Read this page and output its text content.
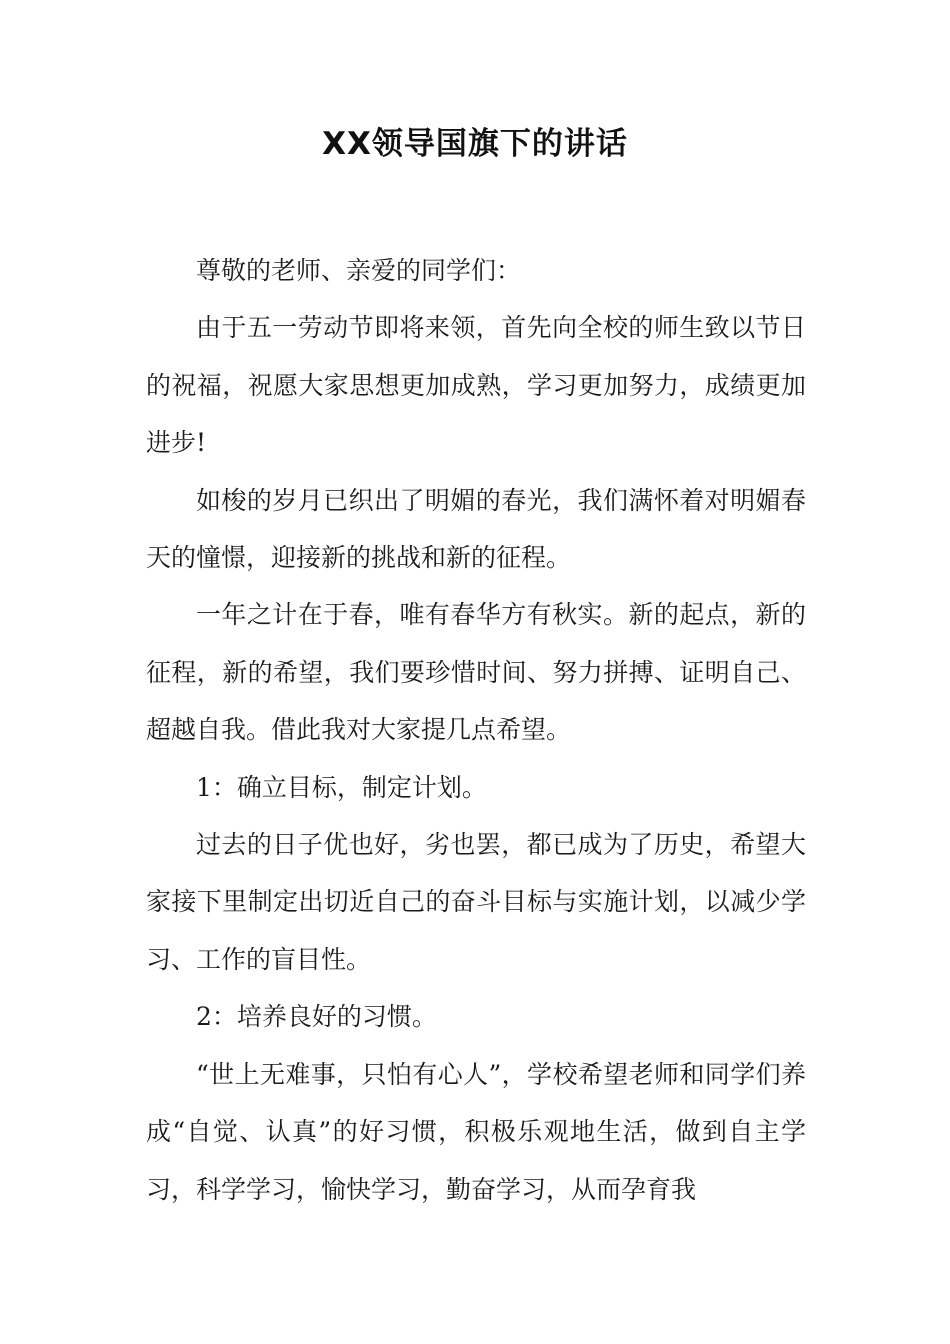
XX领导国旗下的讲话

尊敬的老师、亲爱的同学们：

由于五一劳动节即将来领，首先向全校的师生致以节日的祝福，祝愿大家思想更加成熟，学习更加努力，成绩更加进步!

如梭的岁月已织出了明媚的春光，我们满怀着对明媚春天的憧憬，迎接新的挑战和新的征程。

一年之计在于春，唯有春华方有秋实。新的起点，新的征程，新的希望，我们要珍惜时间、努力拼搏、证明自己、超越自我。借此我对大家提几点希望。

1：确立目标，制定计划。

过去的日子优也好，劣也罢，都已成为了历史，希望大家接下里制定出切近自己的奋斗目标与实施计划，以减少学习、工作的盲目性。

2：培养良好的习惯。

“世上无难事，只怕有心人”，学校希望老师和同学们养成“自觉、认真”的好习惯，积极乐观地生活，做到自主学习，科学学习，愉快学习，勤奋学习，从而孕育我
